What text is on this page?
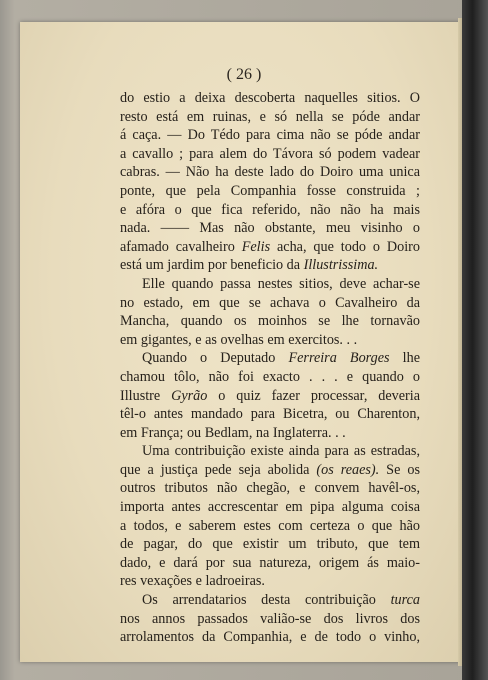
( 26 )
do estio a deixa descoberta naquelles sitios. O
resto está em ruinas, e só nella se póde andar
á caça. — Do Tédo para cima não se póde andar
a cavallo ; para alem do Távora só podem vadear
cabras. — Não ha deste lado do Doiro uma unica
ponte, que pela Companhia fosse construida ;
e afóra o que fica referido, não não ha mais
nada. —— Mas não obstante, meu visinho o
afamado cavalheiro Felis acha, que todo o Doiro
está um jardim por beneficio da Illustrissima.
Elle quando passa nestes sitios, deve achar-se
no estado, em que se achava o Cavalheiro da
Mancha, quando os moinhos se lhe tornavão
em gigantes, e as ovelhas em exercitos. . .
Quando o Deputado Ferreira Borges lhe
chamou tôlo, não foi exacto . . . e quando o
Illustre Gyrão o quiz fazer processar, deveria
têl-o antes mandado para Bicetra, ou Charenton,
em França; ou Bedlam, na Inglaterra. . .
Uma contribuição existe ainda para as estradas,
que a justiça pede seja abolida (os reaes). Se os
outros tributos não chegão, e convem havêl-os,
importa antes accrescentar em pipa alguma coisa
a todos, e saberem estes com certeza o que hão
de pagar, do que existir um tributo, que tem
dado, e dará por sua natureza, origem ás maio-
res vexações e ladroeiras.
Os arrendatarios desta contribuição turca
nos annos passados valião-se dos livros dos
arrolamentos da Companhia, e de todo o vinho,
